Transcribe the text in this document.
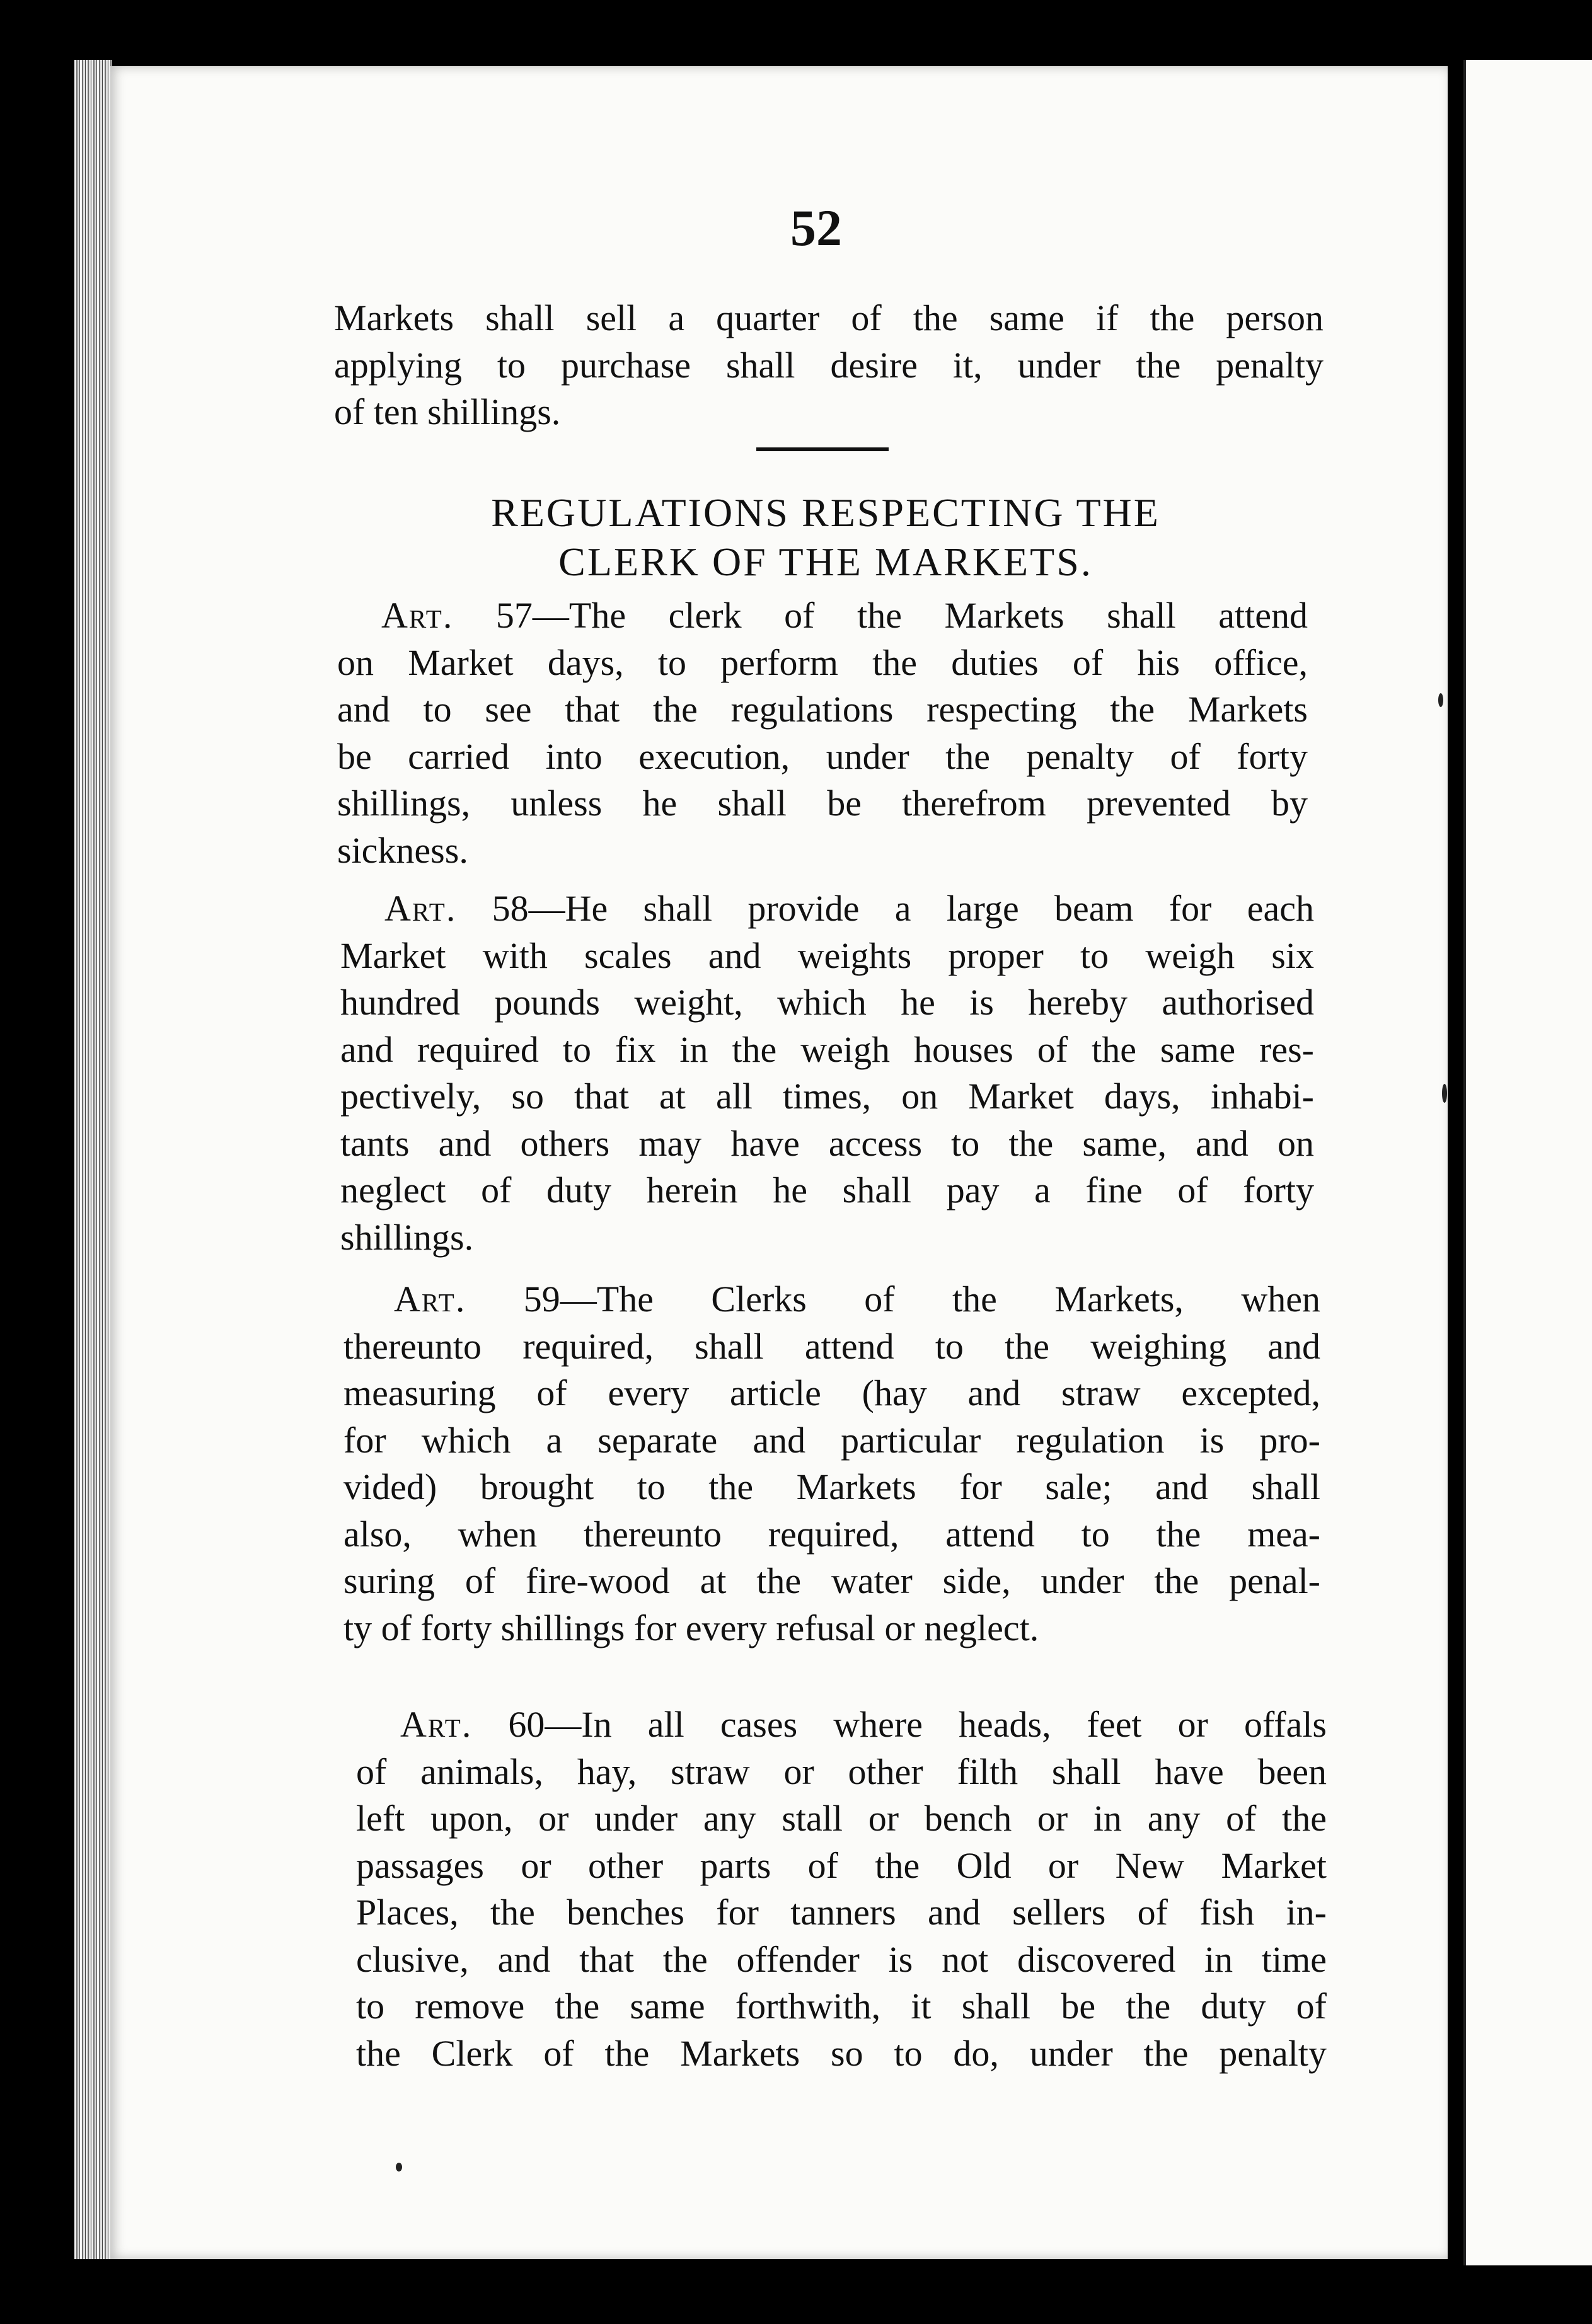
52
Markets shall sell a quarter of the same if the person
applying to purchase shall desire it, under the penalty
of ten shillings.
REGULATIONS RESPECTING THE
CLERK OF THE MARKETS.
Art. 57—The clerk of the Markets shall attend
on Market days, to perform the duties of his office,
and to see that the regulations respecting the Markets
be carried into execution, under the penalty of forty
shillings, unless he shall be therefrom prevented by
sickness.
Art. 58—He shall provide a large beam for each
Market with scales and weights proper to weigh six
hundred pounds weight, which he is hereby authorised
and required to fix in the weigh houses of the same res-
pectively, so that at all times, on Market days, inhabi-
tants and others may have access to the same, and on
neglect of duty herein he shall pay a fine of forty
shillings.
Art. 59—The Clerks of the Markets, when
thereunto required, shall attend to the weighing and
measuring of every article (hay and straw excepted,
for which a separate and particular regulation is pro-
vided) brought to the Markets for sale; and shall
also, when thereunto required, attend to the mea-
suring of fire-wood at the water side, under the penal-
ty of forty shillings for every refusal or neglect.
Art. 60—In all cases where heads, feet or offals
of animals, hay, straw or other filth shall have been
left upon, or under any stall or bench or in any of the
passages or other parts of the Old or New Market
Places, the benches for tanners and sellers of fish in-
clusive, and that the offender is not discovered in time
to remove the same forthwith, it shall be the duty of
the Clerk of the Markets so to do, under the penalty
